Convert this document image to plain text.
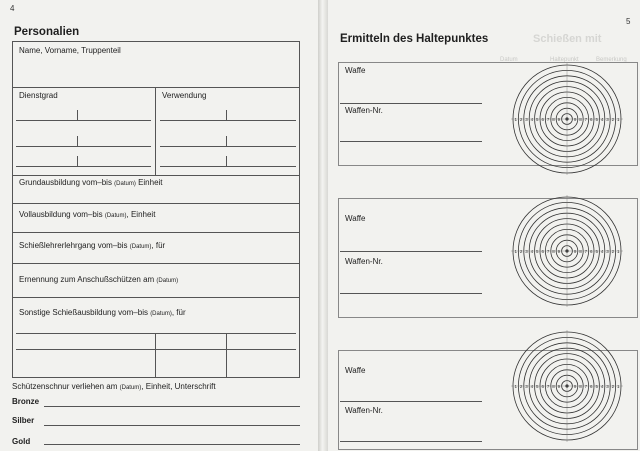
4
Personalien
Name, Vorname, Truppenteil
Dienstgrad	Verwendung
Grundausbildung vom–bis (Datum) Einheit
Vollausbildung vom–bis (Datum), Einheit
Schießlehrerlehrgang vom–bis (Datum), für
Ernennung zum Anschußschützen am (Datum)
Sonstige Schießausbildung vom–bis (Datum), für
Schützenschnur verliehen am (Datum), Einheit, Unterschrift
Bronze
Silber
Gold
5
Ermitteln des Haltepunktes	Schießen mit
Datum	Haltepunkt	Bemerkung
Waffe
Waffen-Nr.
Waffe
Waffen-Nr.
Waffe
Waffen-Nr.
1	1
2	2
3	3
4	4
5	5
6	6
7	7
8	8
9	9
1	1
2	2
3	3
4	4
5	5
6	6
7	7
8	8
9	9
1	1
2	2
3	3
4	4
5	5
6	6
7	7
8	8
9	9
